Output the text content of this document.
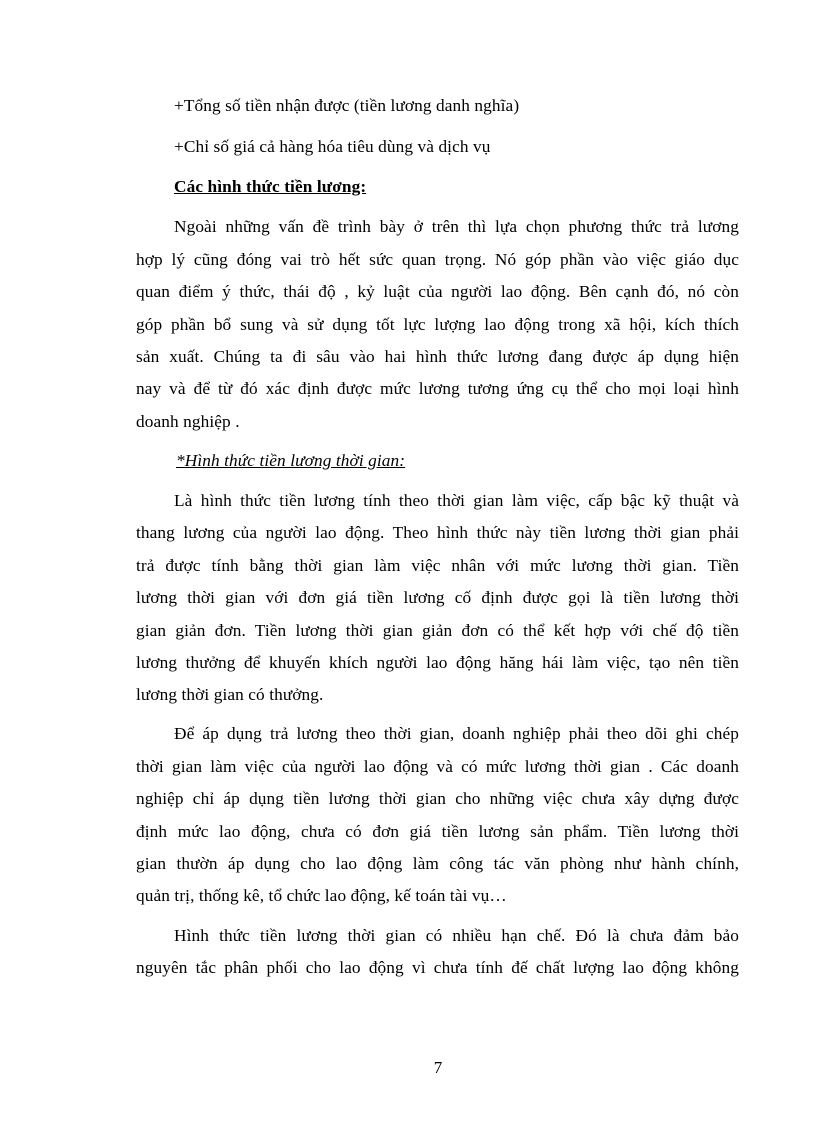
+Tổng số tiền nhận được (tiền lương danh nghĩa)
+Chỉ số giá cả hàng hóa tiêu dùng và dịch vụ
Các hình thức tiền lương:
Ngoài những vấn đề trình bày ở trên thì lựa chọn phương thức trả lương
hợp lý cũng đóng vai trò hết sức quan trọng. Nó góp phần vào việc giáo dục
quan điểm ý thức, thái độ , kỷ luật của người lao động. Bên cạnh đó, nó còn
góp phần bổ sung và sử dụng tốt lực lượng lao động trong xã hội, kích thích
sản xuất. Chúng ta đi sâu vào hai hình thức lương đang được áp dụng hiện
nay và để từ đó xác định được mức lương tương ứng cụ thể cho mọi loại hình
doanh nghiệp .
*Hình thức tiền lương thời gian:
Là hình thức tiền lương tính theo thời gian làm việc, cấp bậc kỹ thuật và
thang lương của người lao động. Theo hình thức này tiền lương thời gian phải
trả được tính bằng thời gian làm việc nhân với mức lương thời gian. Tiền
lương thời gian với đơn giá tiền lương cố định được gọi là tiền lương thời
gian giản đơn. Tiền lương thời gian giản đơn có thể kết hợp với chế độ tiền
lương thưởng để khuyến khích người lao động hăng hái làm việc, tạo nên tiền
lương thời gian có thưởng.
Để áp dụng trả lương theo thời gian, doanh nghiệp phải theo dõi ghi chép
thời gian làm việc của người lao động và có mức lương thời gian . Các doanh
nghiệp chỉ áp dụng tiền lương thời gian cho những việc chưa xây dựng được
định mức lao động, chưa có đơn giá tiền lương sản phẩm. Tiền lương thời
gian thườn áp dụng cho lao động làm công tác văn phòng như hành chính,
quản trị, thống kê, tổ chức lao động, kế toán tài vụ…
Hình thức tiền lương thời gian có nhiều hạn chế. Đó là chưa đảm bảo
nguyên tắc phân phối cho lao động vì chưa tính đế chất lượng lao động không
7
